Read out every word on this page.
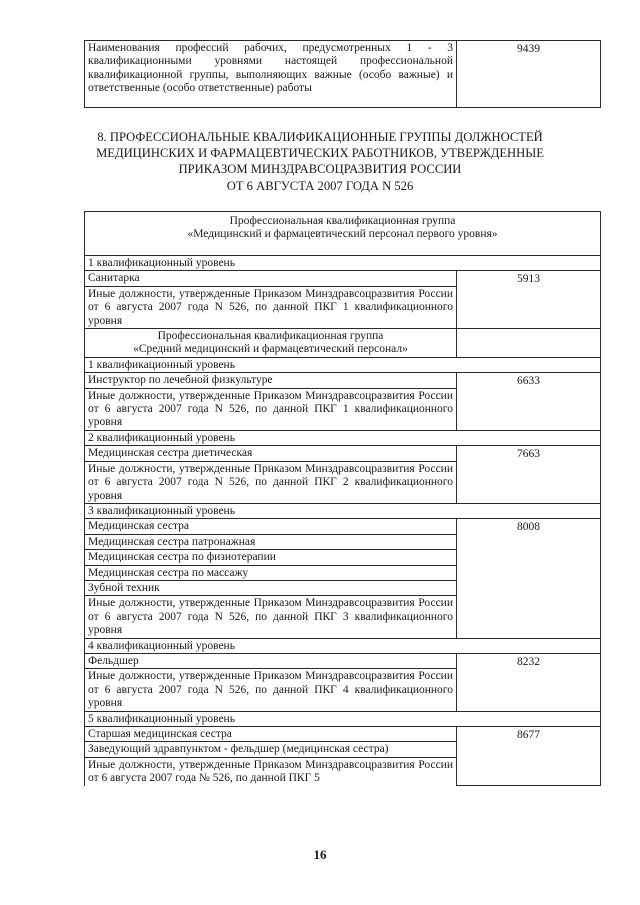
Наименования профессий рабочих, предусмотренных 1 - 3 квалификационными уровнями настоящей профессиональной квалификационной группы, выполняющих важные (особо важные) и ответственные (особо ответственные) работы	9439
8. ПРОФЕССИОНАЛЬНЫЕ КВАЛИФИКАЦИОННЫЕ ГРУППЫ ДОЛЖНОСТЕЙ
МЕДИЦИНСКИХ И ФАРМАЦЕВТИЧЕСКИХ РАБОТНИКОВ, УТВЕРЖДЕННЫЕ
ПРИКАЗОМ МИНЗДРАВСОЦРАЗВИТИЯ РОССИИ
ОТ 6 АВГУСТА 2007 ГОДА N 526
Профессиональная квалификационная группа
«Медицинский и фармацевтический персонал первого уровня»	

1 квалификационный уровень	
Санитарка	5913
Иные должности, утвержденные Приказом Минздравсоцразвития России от 6 августа 2007 года N 526, по данной ПКГ 1 квалификационного уровня	

Профессиональная квалификационная группа
«Средний медицинский и фармацевтический персонал»	

1 квалификационный уровень	
Инструктор по лечебной физкультуре	6633
Иные должности, утвержденные Приказом Минздравсоцразвития России от 6 августа 2007 года N 526, по данной ПКГ 1 квалификационного уровня	
2 квалификационный уровень	
Медицинская сестра диетическая	7663
Иные должности, утвержденные Приказом Минздравсоцразвития России от 6 августа 2007 года N 526, по данной ПКГ 2 квалификационного уровня	
3 квалификационный уровень	
Медицинская сестра	8008
Медицинская сестра патронажная	
Медицинская сестра по физиотерапии	
Медицинская сестра по массажу	
Зубной техник	
Иные должности, утвержденные Приказом Минздравсоцразвития России от 6 августа 2007 года N 526, по данной ПКГ 3 квалификационного уровня	
4 квалификационный уровень	
Фельдшер	8232
Иные должности, утвержденные Приказом Минздравсоцразвития России от 6 августа 2007 года N 526, по данной ПКГ 4 квалификационного уровня	
5 квалификационный уровень	
Старшая медицинская сестра	8677
Заведующий здравпунктом - фельдшер (медицинская сестра)	
Иные должности, утвержденные Приказом Минздравсоцразвития России от 6 августа 2007 года № 526, по данной ПКГ 5	
16
